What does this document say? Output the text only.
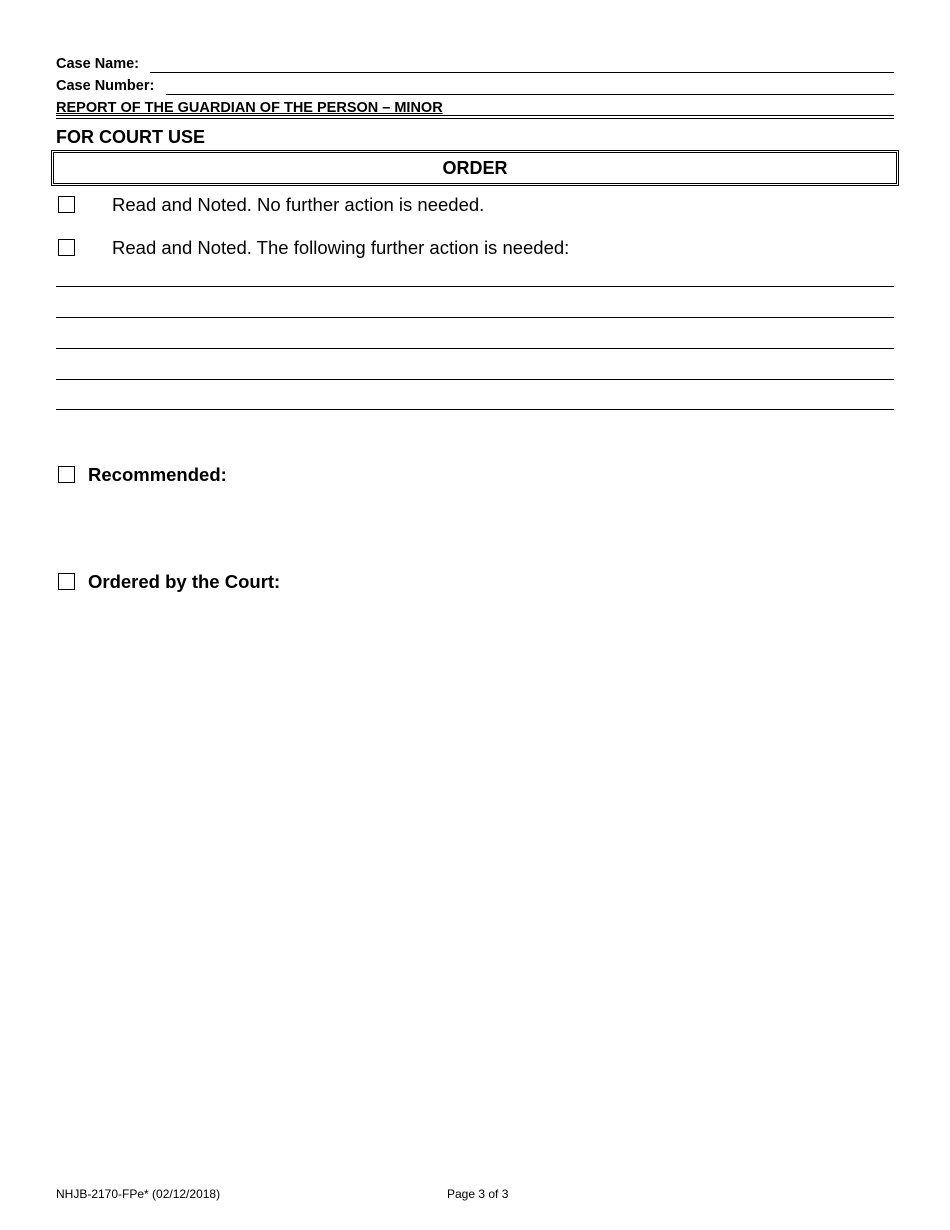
Case Name:
Case Number:
REPORT OF THE GUARDIAN OF THE PERSON – MINOR
FOR COURT USE
ORDER
Read and Noted. No further action is needed.
Read and Noted. The following further action is needed:
Recommended:
Ordered by the Court:
NHJB-2170-FPe* (02/12/2018)	Page 3 of 3
